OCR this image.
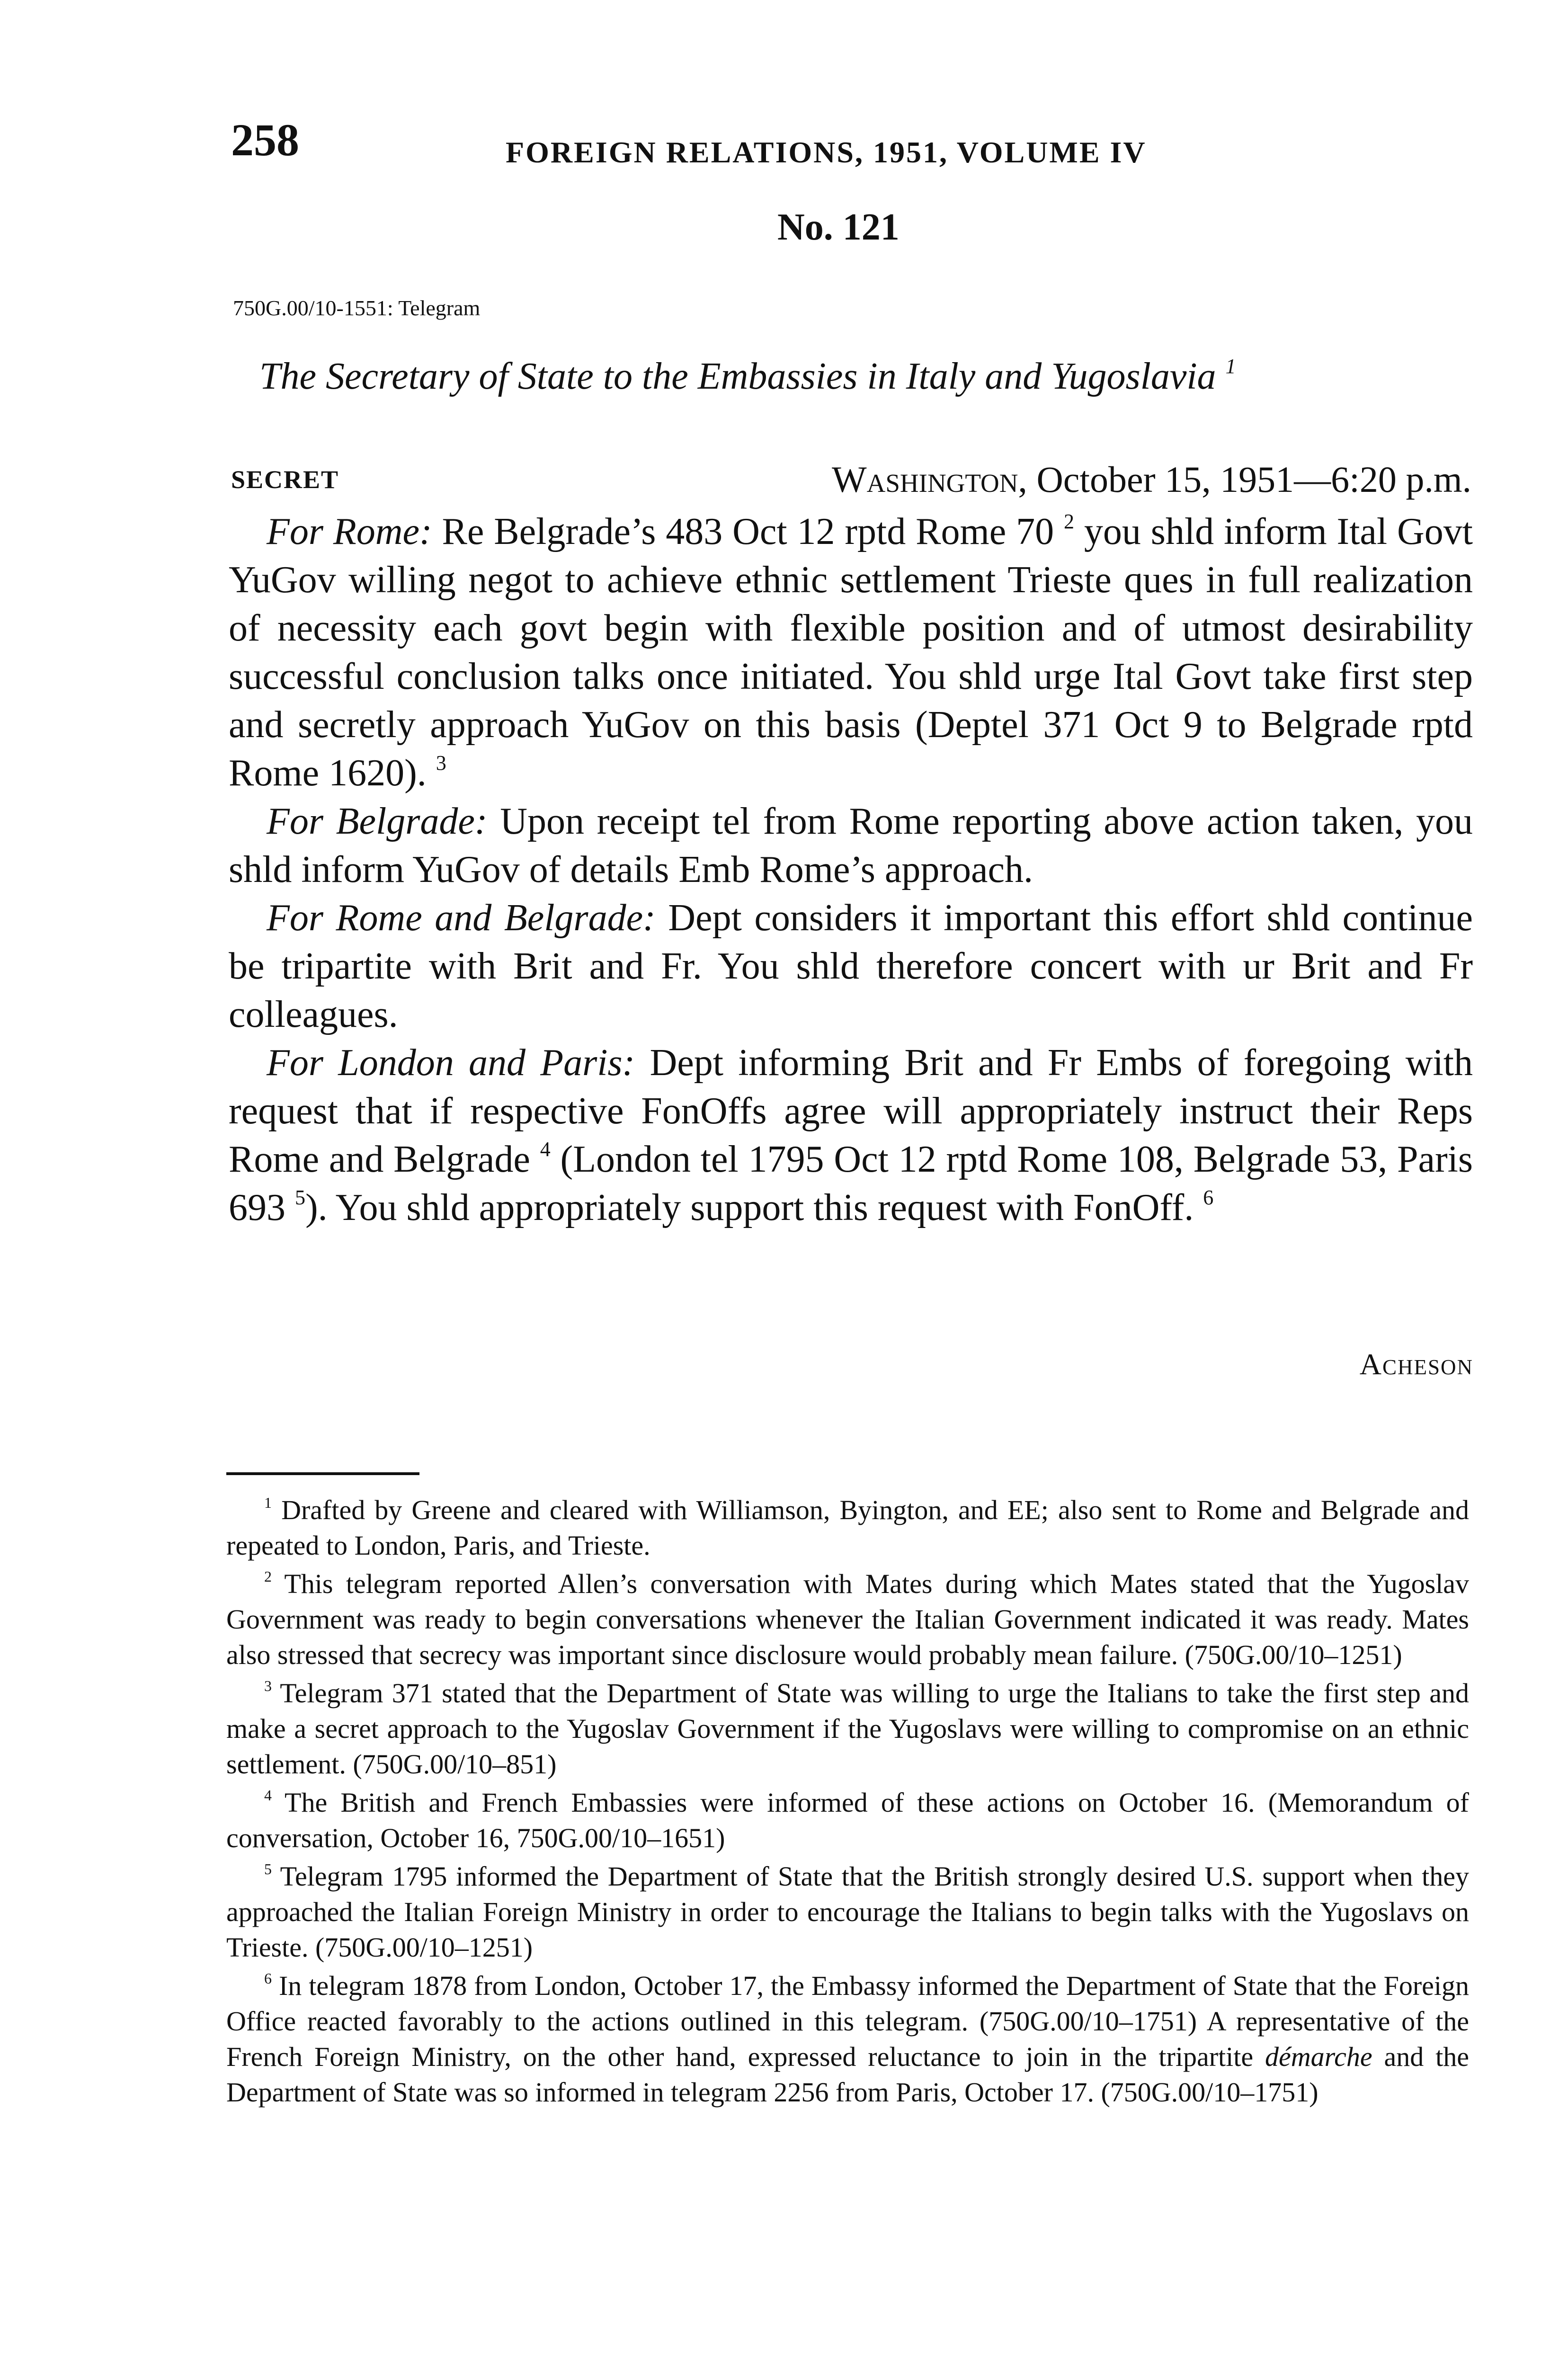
258	FOREIGN RELATIONS, 1951, VOLUME IV
No. 121
750G.00/10-1551: Telegram
The Secretary of State to the Embassies in Italy and Yugoslavia $^1$
SECRET	Washington, October 15, 1951—6:20 p.m.

For Rome: Re Belgrade’s 483 Oct 12 rptd Rome 70 $^2$ you shld inform Ital Govt YuGov willing negot to achieve ethnic settlement Trieste ques in full realization of necessity each govt begin with flexible position and of utmost desirability successful conclusion talks once initiated. You shld urge Ital Govt take first step and secretly approach YuGov on this basis (Deptel 371 Oct 9 to Belgrade rptd Rome 1620). $^3$

For Belgrade: Upon receipt tel from Rome reporting above action taken, you shld inform YuGov of details Emb Rome’s approach.

For Rome and Belgrade: Dept considers it important this effort shld continue be tripartite with Brit and Fr. You shld therefore concert with ur Brit and Fr colleagues.

For London and Paris: Dept informing Brit and Fr Embs of foregoing with request that if respective FonOffs agree will appropriately instruct their Reps Rome and Belgrade $^4$ (London tel 1795 Oct 12 rptd Rome 108, Belgrade 53, Paris 693 $^5$). You shld appropriately support this request with FonOff. $^6$

Acheson

$^1$ Drafted by Greene and cleared with Williamson, Byington, and EE; also sent to Rome and Belgrade and repeated to London, Paris, and Trieste.

$^2$ This telegram reported Allen’s conversation with Mates during which Mates stated that the Yugoslav Government was ready to begin conversations whenever the Italian Government indicated it was ready. Mates also stressed that secrecy was important since disclosure would probably mean failure. (750G.00/10–1251)

$^3$ Telegram 371 stated that the Department of State was willing to urge the Italians to take the first step and make a secret approach to the Yugoslav Government if the Yugoslavs were willing to compromise on an ethnic settlement. (750G.00/10–851)

$^4$ The British and French Embassies were informed of these actions on October 16. (Memorandum of conversation, October 16, 750G.00/10–1651)

$^5$ Telegram 1795 informed the Department of State that the British strongly desired U.S. support when they approached the Italian Foreign Ministry in order to encourage the Italians to begin talks with the Yugoslavs on Trieste. (750G.00/10–1251)

$^6$ In telegram 1878 from London, October 17, the Embassy informed the Department of State that the Foreign Office reacted favorably to the actions outlined in this telegram. (750G.00/10–1751) A representative of the French Foreign Ministry, on the other hand, expressed reluctance to join in the tripartite démarche and the Department of State was so informed in telegram 2256 from Paris, October 17. (750G.00/10–1751)
